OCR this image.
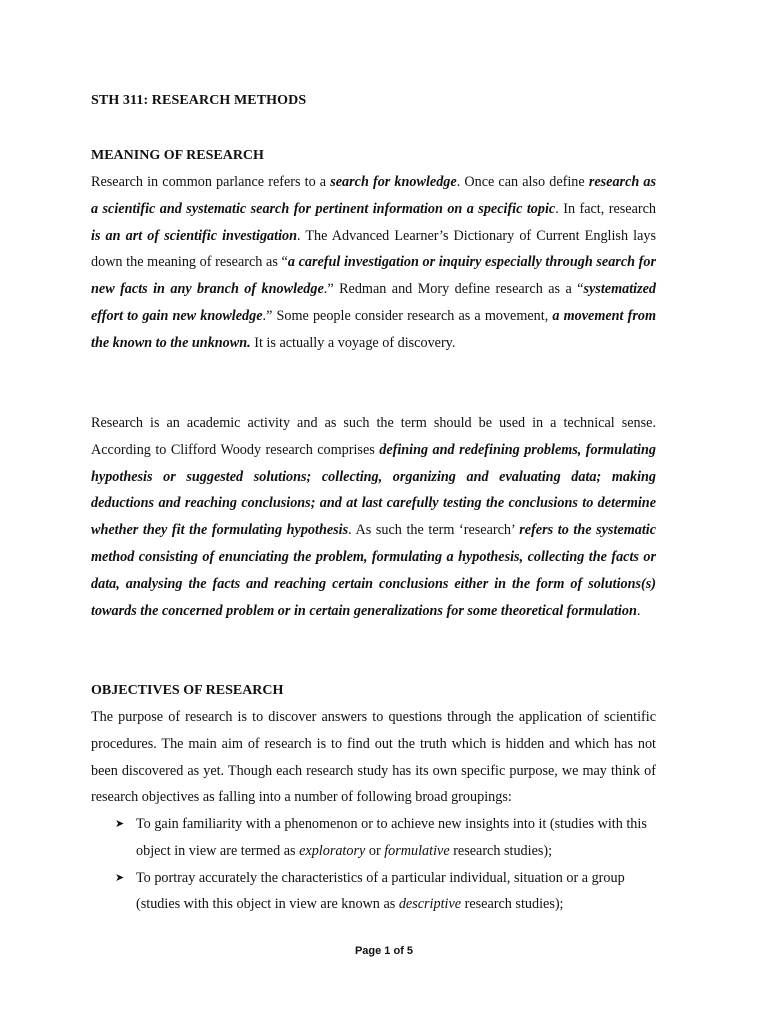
STH 311: RESEARCH METHODS
MEANING OF RESEARCH
Research in common parlance refers to a search for knowledge. Once can also define research as a scientific and systematic search for pertinent information on a specific topic. In fact, research is an art of scientific investigation. The Advanced Learner’s Dictionary of Current English lays down the meaning of research as “a careful investigation or inquiry especially through search for new facts in any branch of knowledge.” Redman and Mory define research as a “systematized effort to gain new knowledge.” Some people consider research as a movement, a movement from the known to the unknown. It is actually a voyage of discovery.
Research is an academic activity and as such the term should be used in a technical sense. According to Clifford Woody research comprises defining and redefining problems, formulating hypothesis or suggested solutions; collecting, organizing and evaluating data; making deductions and reaching conclusions; and at last carefully testing the conclusions to determine whether they fit the formulating hypothesis. As such the term ‘research’ refers to the systematic method consisting of enunciating the problem, formulating a hypothesis, collecting the facts or data, analysing the facts and reaching certain conclusions either in the form of solutions(s) towards the concerned problem or in certain generalizations for some theoretical formulation.
OBJECTIVES OF RESEARCH
The purpose of research is to discover answers to questions through the application of scientific procedures. The main aim of research is to find out the truth which is hidden and which has not been discovered as yet. Though each research study has its own specific purpose, we may think of research objectives as falling into a number of following broad groupings:
➤ To gain familiarity with a phenomenon or to achieve new insights into it (studies with this object in view are termed as exploratory or formulative research studies);
➤ To portray accurately the characteristics of a particular individual, situation or a group (studies with this object in view are known as descriptive research studies);
Page 1 of 5
